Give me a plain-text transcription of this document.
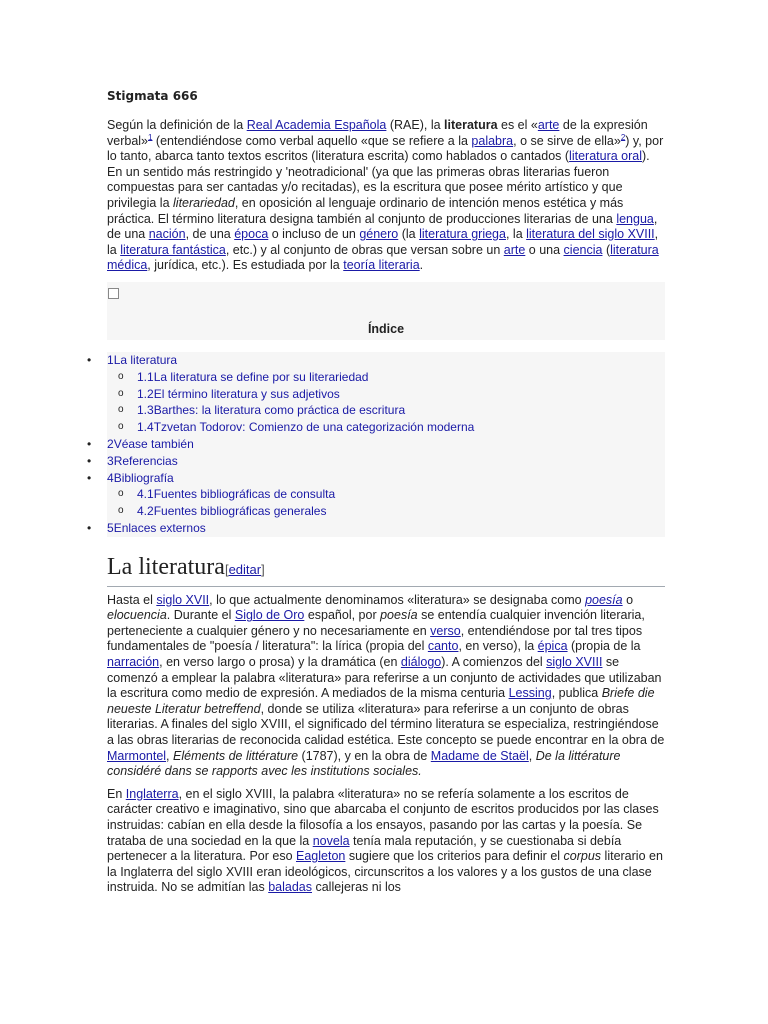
Stigmata 666

Según la definición de la Real Academia Española (RAE), la literatura es el «arte de la expresión verbal»$^1$ (entendiéndose como verbal aquello «que se refiere a la palabra, o se sirve de ella»$^2$) y, por lo tanto, abarca tanto textos escritos (literatura escrita) como hablados o cantados (literatura oral). En un sentido más restringido y 'neotradicional' (ya que las primeras obras literarias fueron compuestas para ser cantadas y/o recitadas), es la escritura que posee mérito artístico y que privilegia la literariedad, en oposición al lenguaje ordinario de intención menos estética y más práctica. El término literatura designa también al conjunto de producciones literarias de una lengua, de una nación, de una época o incluso de un género (la literatura griega, la literatura del siglo XVIII, la literatura fantástica, etc.) y al conjunto de obras que versan sobre un arte o una ciencia (literatura médica, jurídica, etc.). Es estudiada por la teoría literaria.

Índice
• 1La literatura
o 1.1La literatura se define por su literariedad
o 1.2El término literatura y sus adjetivos
o 1.3Barthes: la literatura como práctica de escritura
o 1.4Tzvetan Todorov: Comienzo de una categorización moderna
• 2Véase también
• 3Referencias
• 4Bibliografía
o 4.1Fuentes bibliográficas de consulta
o 4.2Fuentes bibliográficas generales
• 5Enlaces externos
La literatura[editar]

Hasta el siglo XVII, lo que actualmente denominamos «literatura» se designaba como poesía o elocuencia. Durante el Siglo de Oro español, por poesía se entendía cualquier invención literaria, perteneciente a cualquier género y no necesariamente en verso, entendiéndose por tal tres tipos fundamentales de "poesía / literatura": la lírica (propia del canto, en verso), la épica (propia de la narración, en verso largo o prosa) y la dramática (en diálogo). A comienzos del siglo XVIII se comenzó a emplear la palabra «literatura» para referirse a un conjunto de actividades que utilizaban la escritura como medio de expresión. A mediados de la misma centuria Lessing, publica Briefe die neueste Literatur betreffend, donde se utiliza «literatura» para referirse a un conjunto de obras literarias. A finales del siglo XVIII, el significado del término literatura se especializa, restringiéndose a las obras literarias de reconocida calidad estética. Este concepto se puede encontrar en la obra de Marmontel, Eléments de littérature (1787), y en la obra de Madame de Staël, De la littérature considéré dans se rapports avec les institutions sociales.

En Inglaterra, en el siglo XVIII, la palabra «literatura» no se refería solamente a los escritos de carácter creativo e imaginativo, sino que abarcaba el conjunto de escritos producidos por las clases instruidas: cabían en ella desde la filosofía a los ensayos, pasando por las cartas y la poesía. Se trataba de una sociedad en la que la novela tenía mala reputación, y se cuestionaba si debía pertenecer a la literatura. Por eso Eagleton sugiere que los criterios para definir el corpus literario en la Inglaterra del siglo XVIII eran ideológicos, circunscritos a los valores y a los gustos de una clase instruida. No se admitían las baladas callejeras ni los
